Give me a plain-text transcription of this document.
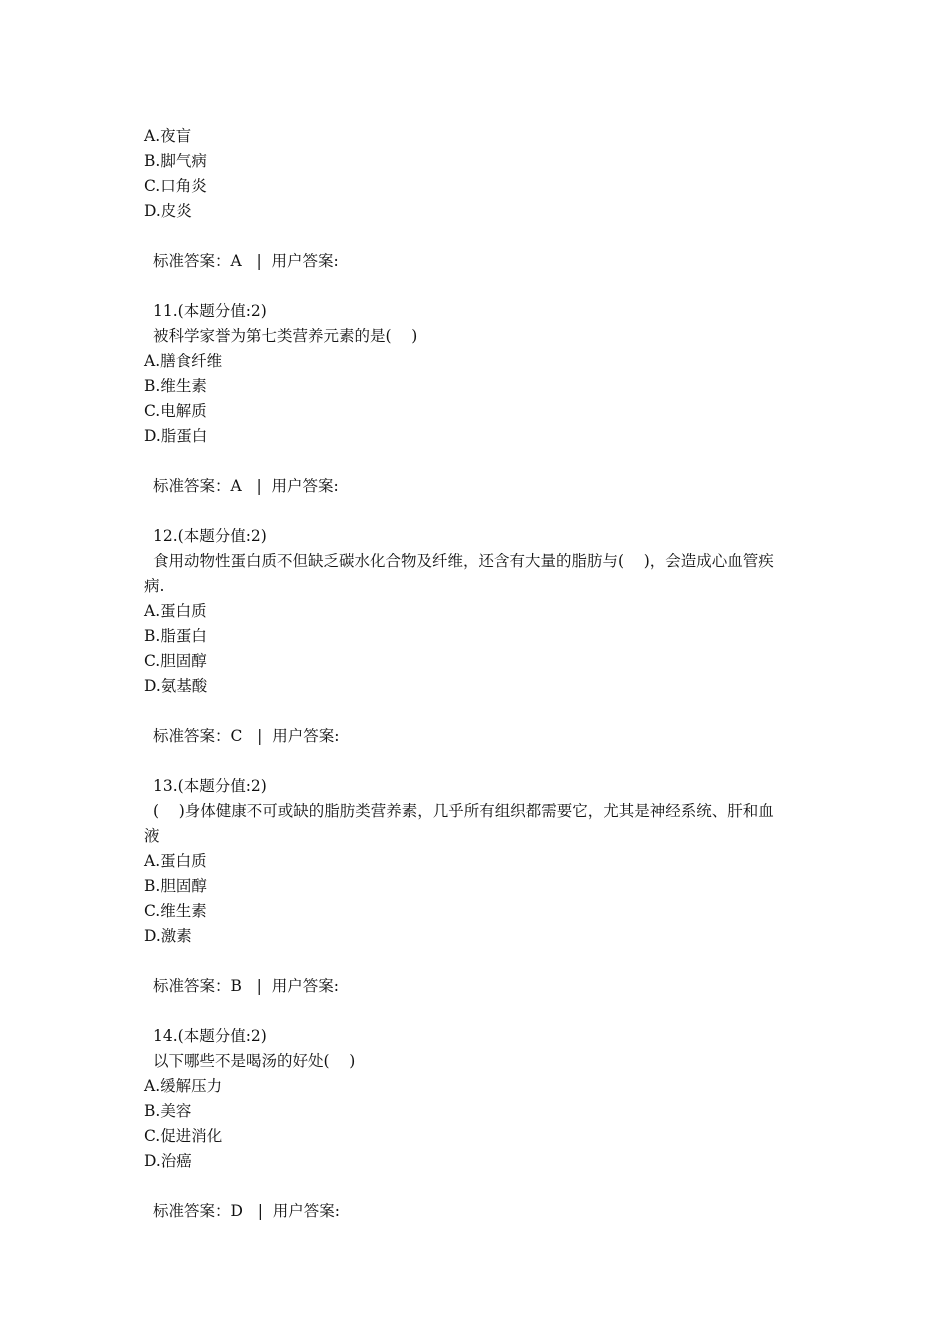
A.夜盲
B.脚气病
C.口角炎
D.皮炎
标准答案：A   |  用户答案:
11.(本题分值:2)
被科学家誉为第七类营养元素的是(    )
A.膳食纤维
B.维生素
C.电解质
D.脂蛋白
标准答案：A   |  用户答案:
12.(本题分值:2)
食用动物性蛋白质不但缺乏碳水化合物及纤维，还含有大量的脂肪与(    )，会造成心血管疾
病.
A.蛋白质
B.脂蛋白
C.胆固醇
D.氨基酸
标准答案：C   |  用户答案:
13.(本题分值:2)
(    )身体健康不可或缺的脂肪类营养素，几乎所有组织都需要它，尤其是神经系统、肝和血
液
A.蛋白质
B.胆固醇
C.维生素
D.激素
标准答案：B   |  用户答案:
14.(本题分值:2)
以下哪些不是喝汤的好处(    )
A.缓解压力
B.美容
C.促进消化
D.治癌
标准答案：D   |  用户答案:
